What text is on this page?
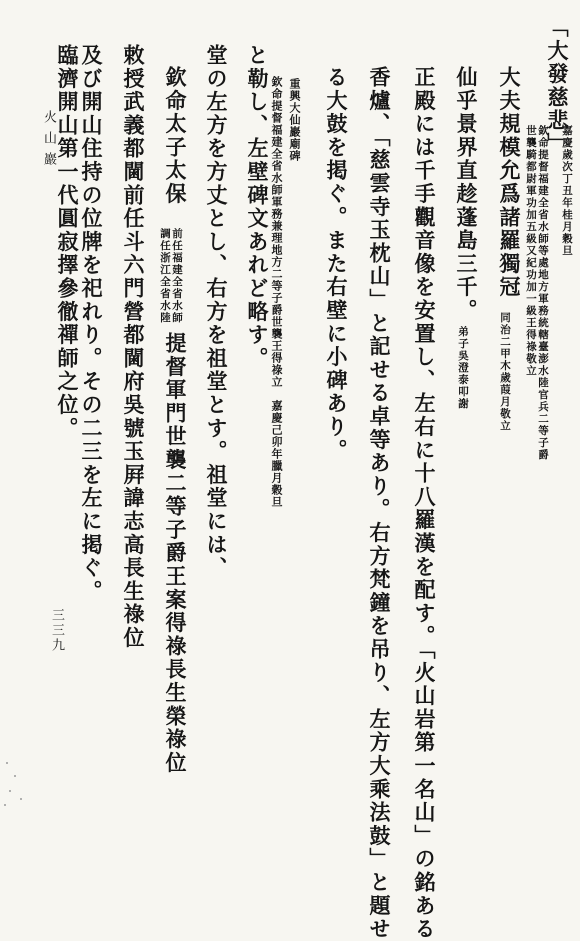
「大發慈悲」
嘉慶歲次丁丑年桂月穀旦
欽命提督福建全省水師等處地方軍務統轄臺澎水陸官兵二等子爵
世襲騎都尉軍功加五級又紀功加一級王得祿敬立
大夫規模允爲諸羅獨冠
同治二甲木歲葭月敬立
仙乎景界直趁蓬島三千。
弟子吳澄泰叩謝
正殿には千手觀音像を安置し、左右に十八羅漢を配す。「火山岩第一名山」の銘ある
香爐、「慈雲寺玉枕山」と記せる卓等あり。右方梵鐘を吊り、左方大乘法鼓」と題せ
る大鼓を掲ぐ。また右壁に小碑あり。
重興大仙巖廟碑
欽命提督福建全省水師軍務兼理地方二等子爵世襲王得祿立　嘉慶己卯年臘月穀旦
と勒し、左壁碑文あれど略す。
堂の左方を方丈とし、右方を祖堂とす。祖堂には、
欽命太子太保
前任福建全省水師
調任浙江全省水陸
提督軍門世襲二等子爵王案得祿長生榮祿位
敕授武義都閫前任斗六門營都閫府吳號玉屛諱志高長生祿位
及び開山住持の位牌を祀れり。その二三を左に掲ぐ。
臨濟開山第一代圓寂擇參徹禪師之位。
火山巖
三三九
